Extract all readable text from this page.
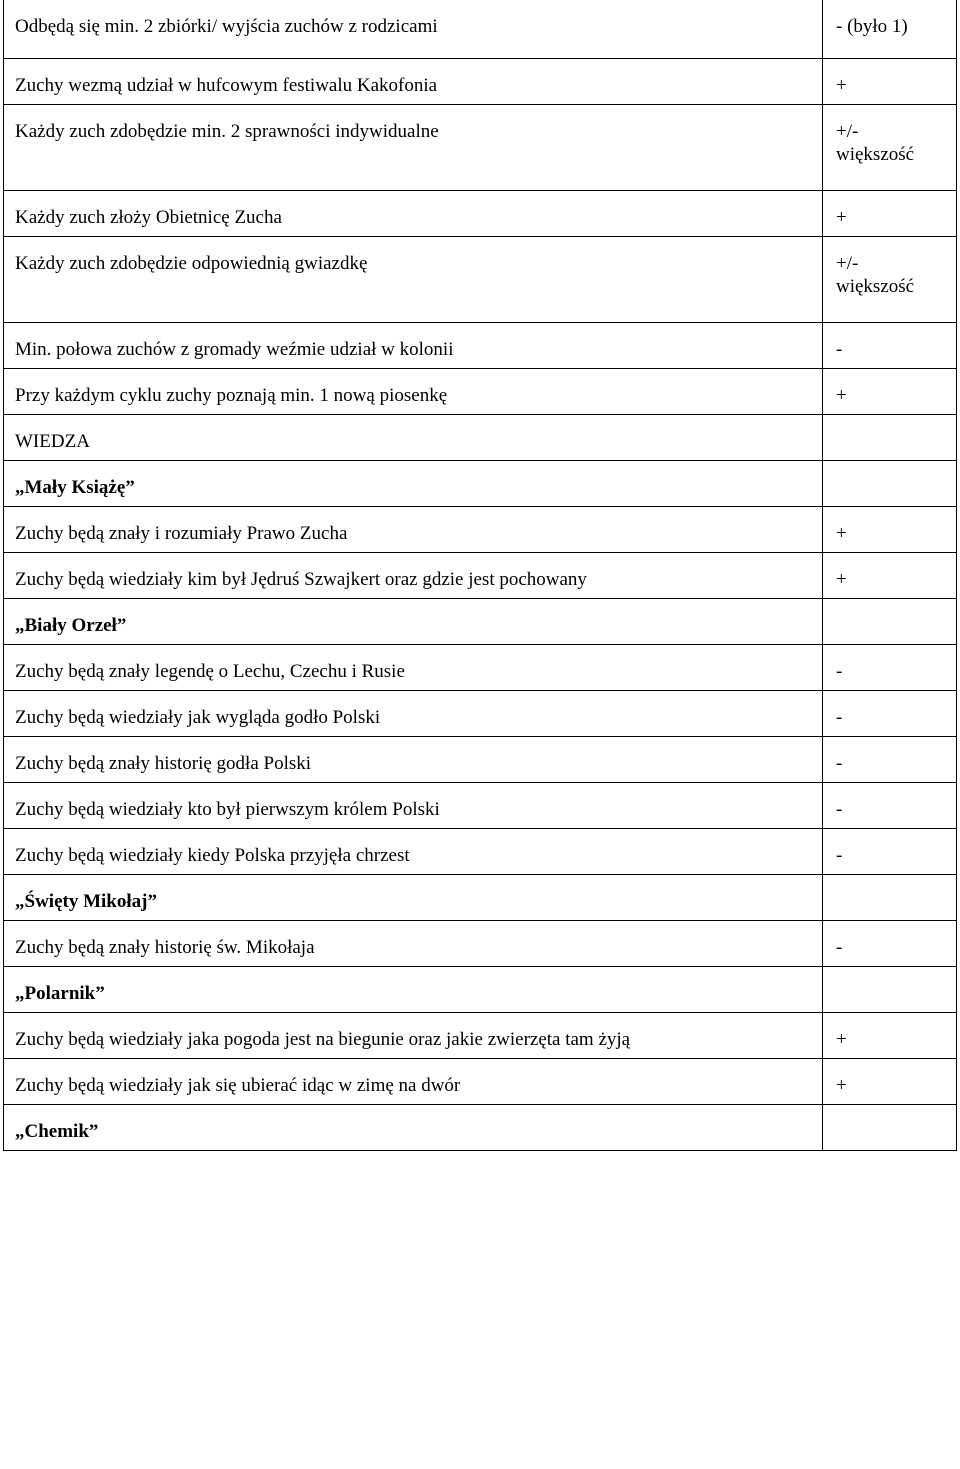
Odbędą się min. 2 zbiórki/ wyjścia zuchów z rodzicami	- (było 1)
Zuchy wezmą udział w hufcowym festiwalu Kakofonia	+
Każdy zuch zdobędzie min. 2 sprawności indywidualne	+/-
większość
Każdy zuch złoży Obietnicę Zucha	+
Każdy zuch zdobędzie odpowiednią gwiazdkę	+/-
większość
Min. połowa zuchów z gromady weźmie udział w kolonii	-
Przy każdym cyklu zuchy poznają min. 1 nową piosenkę	+
WIEDZA	
„Mały Książę”	
Zuchy będą znały i rozumiały Prawo Zucha	+
Zuchy będą wiedziały kim był Jędruś Szwajkert oraz gdzie jest pochowany	+
„Biały Orzeł”	
Zuchy będą znały legendę o Lechu, Czechu i Rusie	-
Zuchy będą wiedziały jak wygląda godło Polski	-
Zuchy będą znały historię godła Polski	-
Zuchy będą wiedziały kto był pierwszym królem Polski	-
Zuchy będą wiedziały kiedy Polska przyjęła chrzest	-
„Święty Mikołaj”	
Zuchy będą znały historię św. Mikołaja	-
„Polarnik”	
Zuchy będą wiedziały jaka pogoda jest na biegunie oraz jakie zwierzęta tam żyją	+
Zuchy będą wiedziały jak się ubierać idąc w zimę na dwór	+
„Chemik”	
